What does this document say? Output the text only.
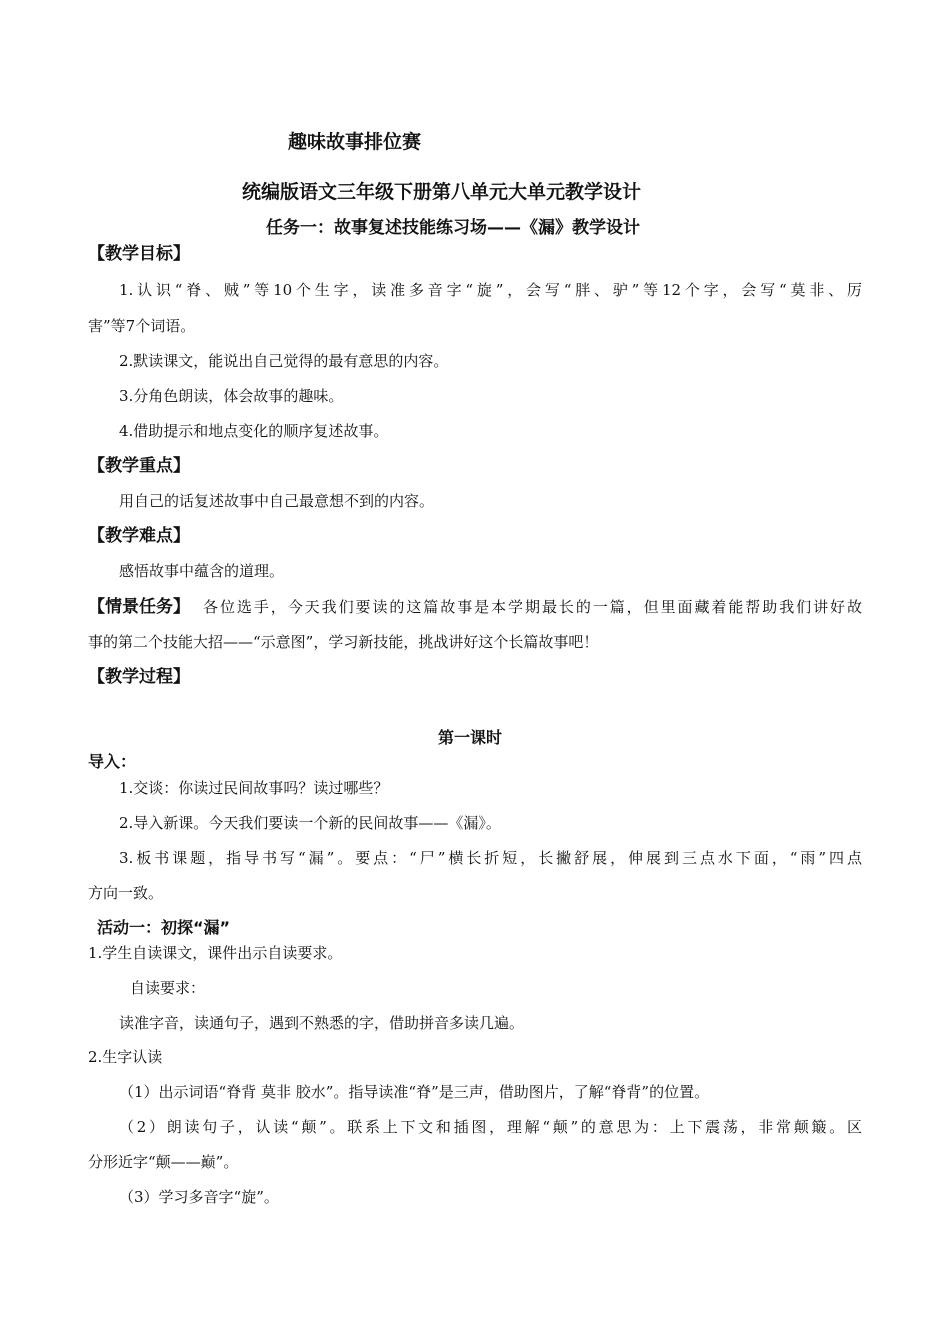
趣味故事排位赛
统编版语文三年级下册第八单元大单元教学设计
任务一：故事复述技能练习场——《漏》教学设计
【教学目标】
1.认识“脊、贼”等10个生字，读准多音字“旋”，会写“胖、驴”等12个字，会写“莫非、厉
害”等7个词语。
2.默读课文，能说出自己觉得的最有意思的内容。
3.分角色朗读，体会故事的趣味。
4.借助提示和地点变化的顺序复述故事。
【教学重点】
用自己的话复述故事中自己最意想不到的内容。
【教学难点】
感悟故事中蕴含的道理。
【情景任务】 各位选手，今天我们要读的这篇故事是本学期最长的一篇，但里面藏着能帮助我们讲好故
事的第二个技能大招——“示意图”，学习新技能，挑战讲好这个长篇故事吧！
【教学过程】
第一课时
导入：
1.交谈：你读过民间故事吗？读过哪些？
2.导入新课。今天我们要读一个新的民间故事——《漏》。
3.板书课题，指导书写“漏”。要点：“尸”横长折短，长撇舒展，伸展到三点水下面，“雨”四点
方向一致。
活动一：初探“漏”
1.学生自读课文，课件出示自读要求。
自读要求：
读准字音，读通句子，遇到不熟悉的字，借助拼音多读几遍。
2.生字认读
（1）出示词语“脊背 莫非 胶水”。指导读准“脊”是三声，借助图片，了解“脊背”的位置。
（2）朗读句子，认读“颠”。联系上下文和插图，理解“颠”的意思为：上下震荡，非常颠簸。区
分形近字“颠——巅”。
（3）学习多音字“旋”。
